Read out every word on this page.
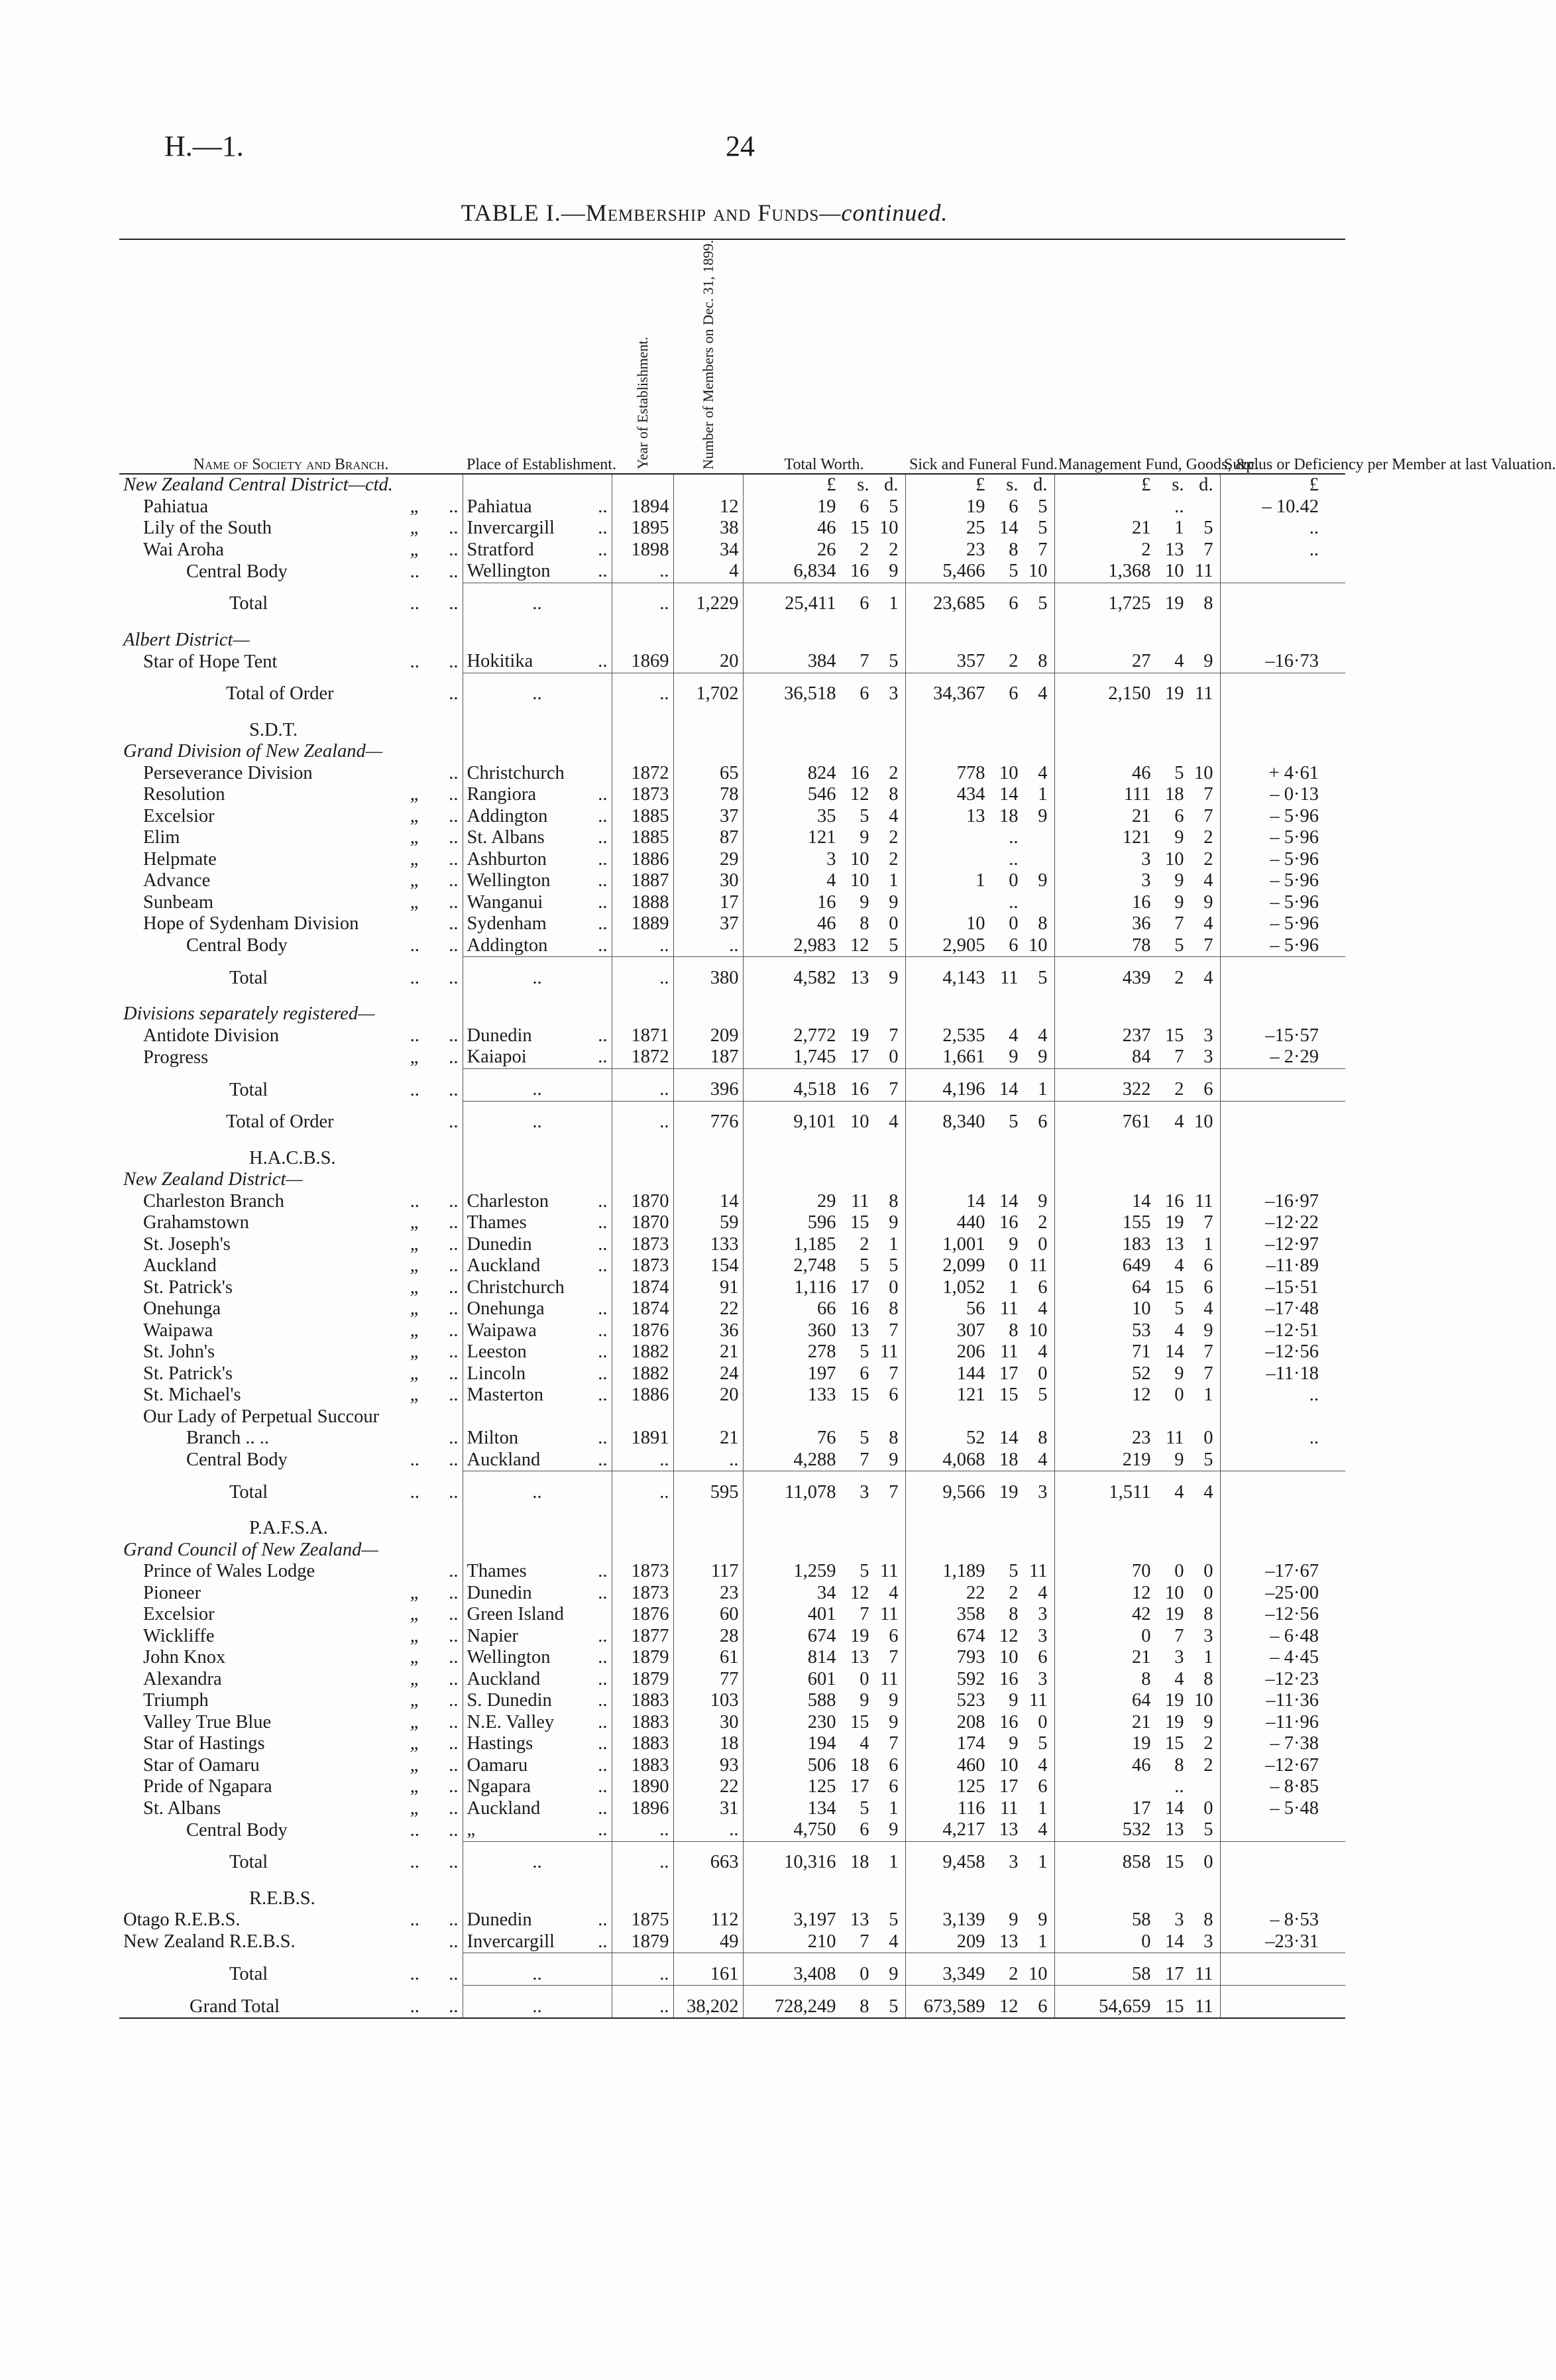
H.—1.	24
TABLE I.—Membership and Funds—continued.
Name of Society and Branch.	Place of Establishment.	Year of Establishment.	Number of Members on Dec. 31, 1899.	Total Worth.	Sick and Funeral Fund.	Management Fund, Goods, &c.	Surplus or Deficiency per Member at last Valuation.

New Zealand Central District—ctd.				£ s. d.	£ s. d.	£ s. d.	£

Pahiatua „ ..	Pahiatua ..	1894	12	19 6 5	19 6 5	..	– 10.42

Lily of the South „ ..	Invercargill ..	1895	38	46 15 10	25 14 5	21 1 5	..

Wai Aroha „ ..	Stratford ..	1898	34	26 2 2	23 8 7	2 13 7	..

Central Body .. ..	Wellington ..	..	4	6,834 16 9	5,466 5 10	1,368 10 11	

Total .. ..	..	..	1,229	25,411 6 1	23,685 6 5	1,725 19 8	

Albert District—							

Star of Hope Tent .. ..	Hokitika ..	1869	20	384 7 5	357 2 8	27 4 9	–16·73

Total of Order ..	..	..	1,702	36,518 6 3	34,367 6 4	2,150 19 11	

S.D.T.							

Grand Division of New Zealand—							

Perseverance Division ..	Christchurch	1872	65	824 16 2	778 10 4	46 5 10	+ 4·61

Resolution „ ..	Rangiora ..	1873	78	546 12 8	434 14 1	111 18 7	– 0·13

Excelsior „ ..	Addington ..	1885	37	35 5 4	13 18 9	21 6 7	– 5·96

Elim „ ..	St. Albans ..	1885	87	121 9 2	..	121 9 2	– 5·96

Helpmate „ ..	Ashburton ..	1886	29	3 10 2	..	3 10 2	– 5·96

Advance „ ..	Wellington ..	1887	30	4 10 1	1 0 9	3 9 4	– 5·96

Sunbeam „ ..	Wanganui ..	1888	17	16 9 9	..	16 9 9	– 5·96

Hope of Sydenham Division ..	Sydenham ..	1889	37	46 8 0	10 0 8	36 7 4	– 5·96

Central Body .. ..	Addington ..	..	..	2,983 12 5	2,905 6 10	78 5 7	– 5·96

Total .. ..	..	..	380	4,582 13 9	4,143 11 5	439 2 4	

Divisions separately registered—							

Antidote Division .. ..	Dunedin ..	1871	209	2,772 19 7	2,535 4 4	237 15 3	–15·57

Progress „ ..	Kaiapoi ..	1872	187	1,745 17 0	1,661 9 9	84 7 3	– 2·29

Total .. ..	..	..	396	4,518 16 7	4,196 14 1	322 2 6	

Total of Order ..	..	..	776	9,101 10 4	8,340 5 6	761 4 10	

H.A.C.B.S.							

New Zealand District—							

Charleston Branch .. ..	Charleston ..	1870	14	29 11 8	14 14 9	14 16 11	–16·97

Grahamstown „ ..	Thames ..	1870	59	596 15 9	440 16 2	155 19 7	–12·22

St. Joseph's „ ..	Dunedin ..	1873	133	1,185 2 1	1,001 9 0	183 13 1	–12·97

Auckland „ ..	Auckland ..	1873	154	2,748 5 5	2,099 0 11	649 4 6	–11·89

St. Patrick's „ ..	Christchurch	1874	91	1,116 17 0	1,052 1 6	64 15 6	–15·51

Onehunga „ ..	Onehunga ..	1874	22	66 16 8	56 11 4	10 5 4	–17·48

Waipawa „ ..	Waipawa ..	1876	36	360 13 7	307 8 10	53 4 9	–12·51

St. John's „ ..	Leeston ..	1882	21	278 5 11	206 11 4	71 14 7	–12·56

St. Patrick's „ ..	Lincoln ..	1882	24	197 6 7	144 17 0	52 9 7	–11·18

St. Michael's „ ..	Masterton ..	1886	20	133 15 6	121 15 5	12 0 1	..

Our Lady of Perpetual Succour							

Branch .. .. ..	Milton ..	1891	21	76 5 8	52 14 8	23 11 0	..

Central Body .. ..	Auckland ..	..	..	4,288 7 9	4,068 18 4	219 9 5	

Total .. ..	..	..	595	11,078 3 7	9,566 19 3	1,511 4 4	

P.A.F.S.A.							

Grand Council of New Zealand—							

Prince of Wales Lodge ..	Thames ..	1873	117	1,259 5 11	1,189 5 11	70 0 0	–17·67

Pioneer „ ..	Dunedin ..	1873	23	34 12 4	22 2 4	12 10 0	–25·00

Excelsior „ ..	Green Island	1876	60	401 7 11	358 8 3	42 19 8	–12·56

Wickliffe „ ..	Napier ..	1877	28	674 19 6	674 12 3	0 7 3	– 6·48

John Knox „ ..	Wellington ..	1879	61	814 13 7	793 10 6	21 3 1	– 4·45

Alexandra „ ..	Auckland ..	1879	77	601 0 11	592 16 3	8 4 8	–12·23

Triumph „ ..	S. Dunedin ..	1883	103	588 9 9	523 9 11	64 19 10	–11·36

Valley True Blue „ ..	N.E. Valley ..	1883	30	230 15 9	208 16 0	21 19 9	–11·96

Star of Hastings „ ..	Hastings ..	1883	18	194 4 7	174 9 5	19 15 2	– 7·38

Star of Oamaru „ ..	Oamaru ..	1883	93	506 18 6	460 10 4	46 8 2	–12·67

Pride of Ngapara „ ..	Ngapara ..	1890	22	125 17 6	125 17 6	..	– 8·85

St. Albans „ ..	Auckland ..	1896	31	134 5 1	116 11 1	17 14 0	– 5·48

Central Body .. ..	„ ..	..	..	4,750 6 9	4,217 13 4	532 13 5	

Total .. ..	..	..	663	10,316 18 1	9,458 3 1	858 15 0	

R.E.B.S.							

Otago R.E.B.S. .. ..	Dunedin ..	1875	112	3,197 13 5	3,139 9 9	58 3 8	– 8·53

New Zealand R.E.B.S. ..	Invercargill ..	1879	49	210 7 4	209 13 1	0 14 3	–23·31

Total .. ..	..	..	161	3,408 0 9	3,349 2 10	58 17 11	

Grand Total .. ..	..	..	38,202	728,249 8 5	673,589 12 6	54,659 15 11	
